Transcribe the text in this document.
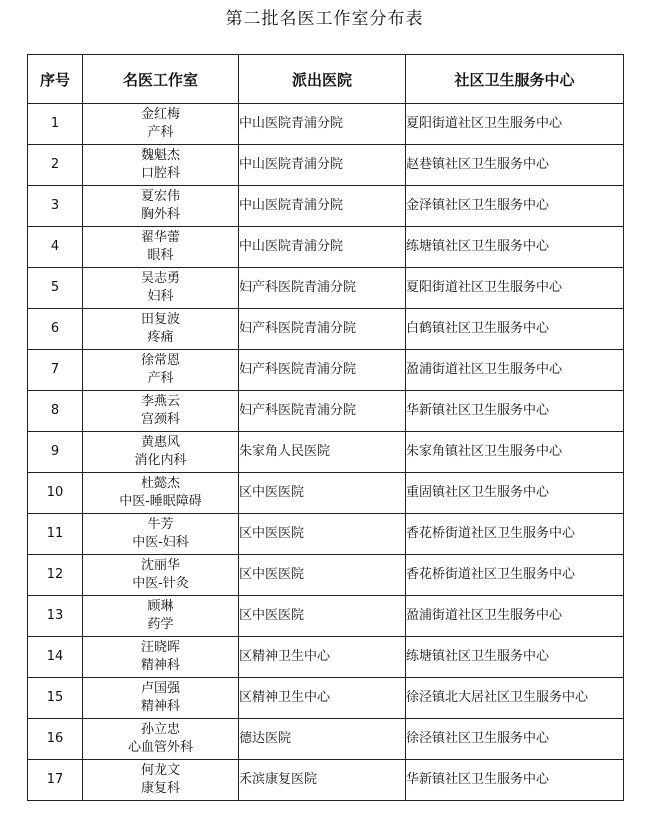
第二批名医工作室分布表
序号	名医工作室	派出医院	社区卫生服务中心
1	金红梅
产科	中山医院青浦分院	夏阳街道社区卫生服务中心
2	魏魁杰
口腔科	中山医院青浦分院	赵巷镇社区卫生服务中心
3	夏宏伟
胸外科	中山医院青浦分院	金泽镇社区卫生服务中心
4	翟华蕾
眼科	中山医院青浦分院	练塘镇社区卫生服务中心
5	吴志勇
妇科	妇产科医院青浦分院	夏阳街道社区卫生服务中心
6	田复波
疼痛	妇产科医院青浦分院	白鹤镇社区卫生服务中心
7	徐常恩
产科	妇产科医院青浦分院	盈浦街道社区卫生服务中心
8	李燕云
宫颈科	妇产科医院青浦分院	华新镇社区卫生服务中心
9	黄惠风
消化内科	朱家角人民医院	朱家角镇社区卫生服务中心
10	杜懿杰
中医-睡眠障碍	区中医医院	重固镇社区卫生服务中心
11	牛芳
中医-妇科	区中医医院	香花桥街道社区卫生服务中心
12	沈丽华
中医-针灸	区中医医院	香花桥街道社区卫生服务中心
13	顾琳
药学	区中医医院	盈浦街道社区卫生服务中心
14	汪晓晖
精神科	区精神卫生中心	练塘镇社区卫生服务中心
15	卢国强
精神科	区精神卫生中心	徐泾镇北大居社区卫生服务中心
16	孙立忠
心血管外科	德达医院	徐泾镇社区卫生服务中心
17	何龙文
康复科	禾滨康复医院	华新镇社区卫生服务中心
